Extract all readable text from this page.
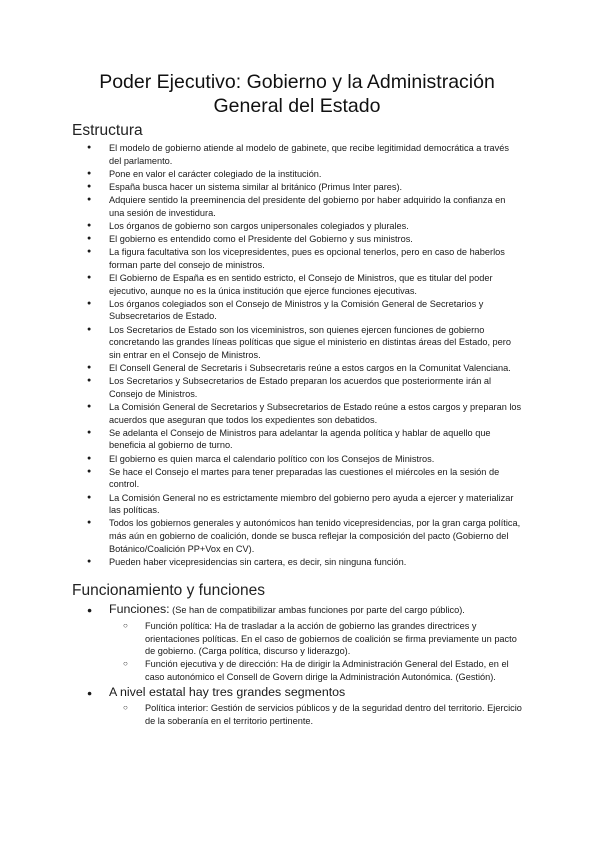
Poder Ejecutivo: Gobierno y la Administración General del Estado
Estructura
● El modelo de gobierno atiende al modelo de gabinete, que recibe legitimidad democrática a través del parlamento.
● Pone en valor el carácter colegiado de la institución.
● España busca hacer un sistema similar al británico (Primus Inter pares).
● Adquiere sentido la preeminencia del presidente del gobierno por haber adquirido la confianza en una sesión de investidura.
● Los órganos de gobierno son cargos unipersonales colegiados y plurales.
● El gobierno es entendido como el Presidente del Gobierno y sus ministros.
● La figura facultativa son los vicepresidentes, pues es opcional tenerlos, pero en caso de haberlos forman parte del consejo de ministros.
● El Gobierno de España es en sentido estricto, el Consejo de Ministros, que es titular del poder ejecutivo, aunque no es la única institución que ejerce funciones ejecutivas.
● Los órganos colegiados son el Consejo de Ministros y la Comisión General de Secretarios y Subsecretarios de Estado.
● Los Secretarios de Estado son los viceministros, son quienes ejercen funciones de gobierno concretando las grandes líneas políticas que sigue el ministerio en distintas áreas del Estado, pero sin entrar en el Consejo de Ministros.
● El Consell General de Secretaris i Subsecretaris reúne a estos cargos en la Comunitat Valenciana.
● Los Secretarios y Subsecretarios de Estado preparan los acuerdos que posteriormente irán al Consejo de Ministros.
● La Comisión General de Secretarios y Subsecretarios de Estado reúne a estos cargos y preparan los acuerdos que aseguran que todos los expedientes son debatidos.
● Se adelanta el Consejo de Ministros para adelantar la agenda política y hablar de aquello que beneficia al gobierno de turno.
● El gobierno es quien marca el calendario político con los Consejos de Ministros.
● Se hace el Consejo el martes para tener preparadas las cuestiones el miércoles en la sesión de control.
● La Comisión General no es estrictamente miembro del gobierno pero ayuda a ejercer y materializar las políticas.
● Todos los gobiernos generales y autonómicos han tenido vicepresidencias, por la gran carga política, más aún en gobierno de coalición, donde se busca reflejar la composición del pacto (Gobierno del Botánico/Coalición PP+Vox en CV).
● Pueden haber vicepresidencias sin cartera, es decir, sin ninguna función.
Funcionamiento y funciones
● Funciones: (Se han de compatibilizar ambas funciones por parte del cargo público).
○ Función política: Ha de trasladar a la acción de gobierno las grandes directrices y orientaciones políticas. En el caso de gobiernos de coalición se firma previamente un pacto de gobierno. (Carga política, discurso y liderazgo).
○ Función ejecutiva y de dirección: Ha de dirigir la Administración General del Estado, en el caso autonómico el Consell de Govern dirige la Administración Autonómica. (Gestión).
● A nivel estatal hay tres grandes segmentos
○ Política interior: Gestión de servicios públicos y de la seguridad dentro del territorio. Ejercicio de la soberanía en el territorio pertinente.
